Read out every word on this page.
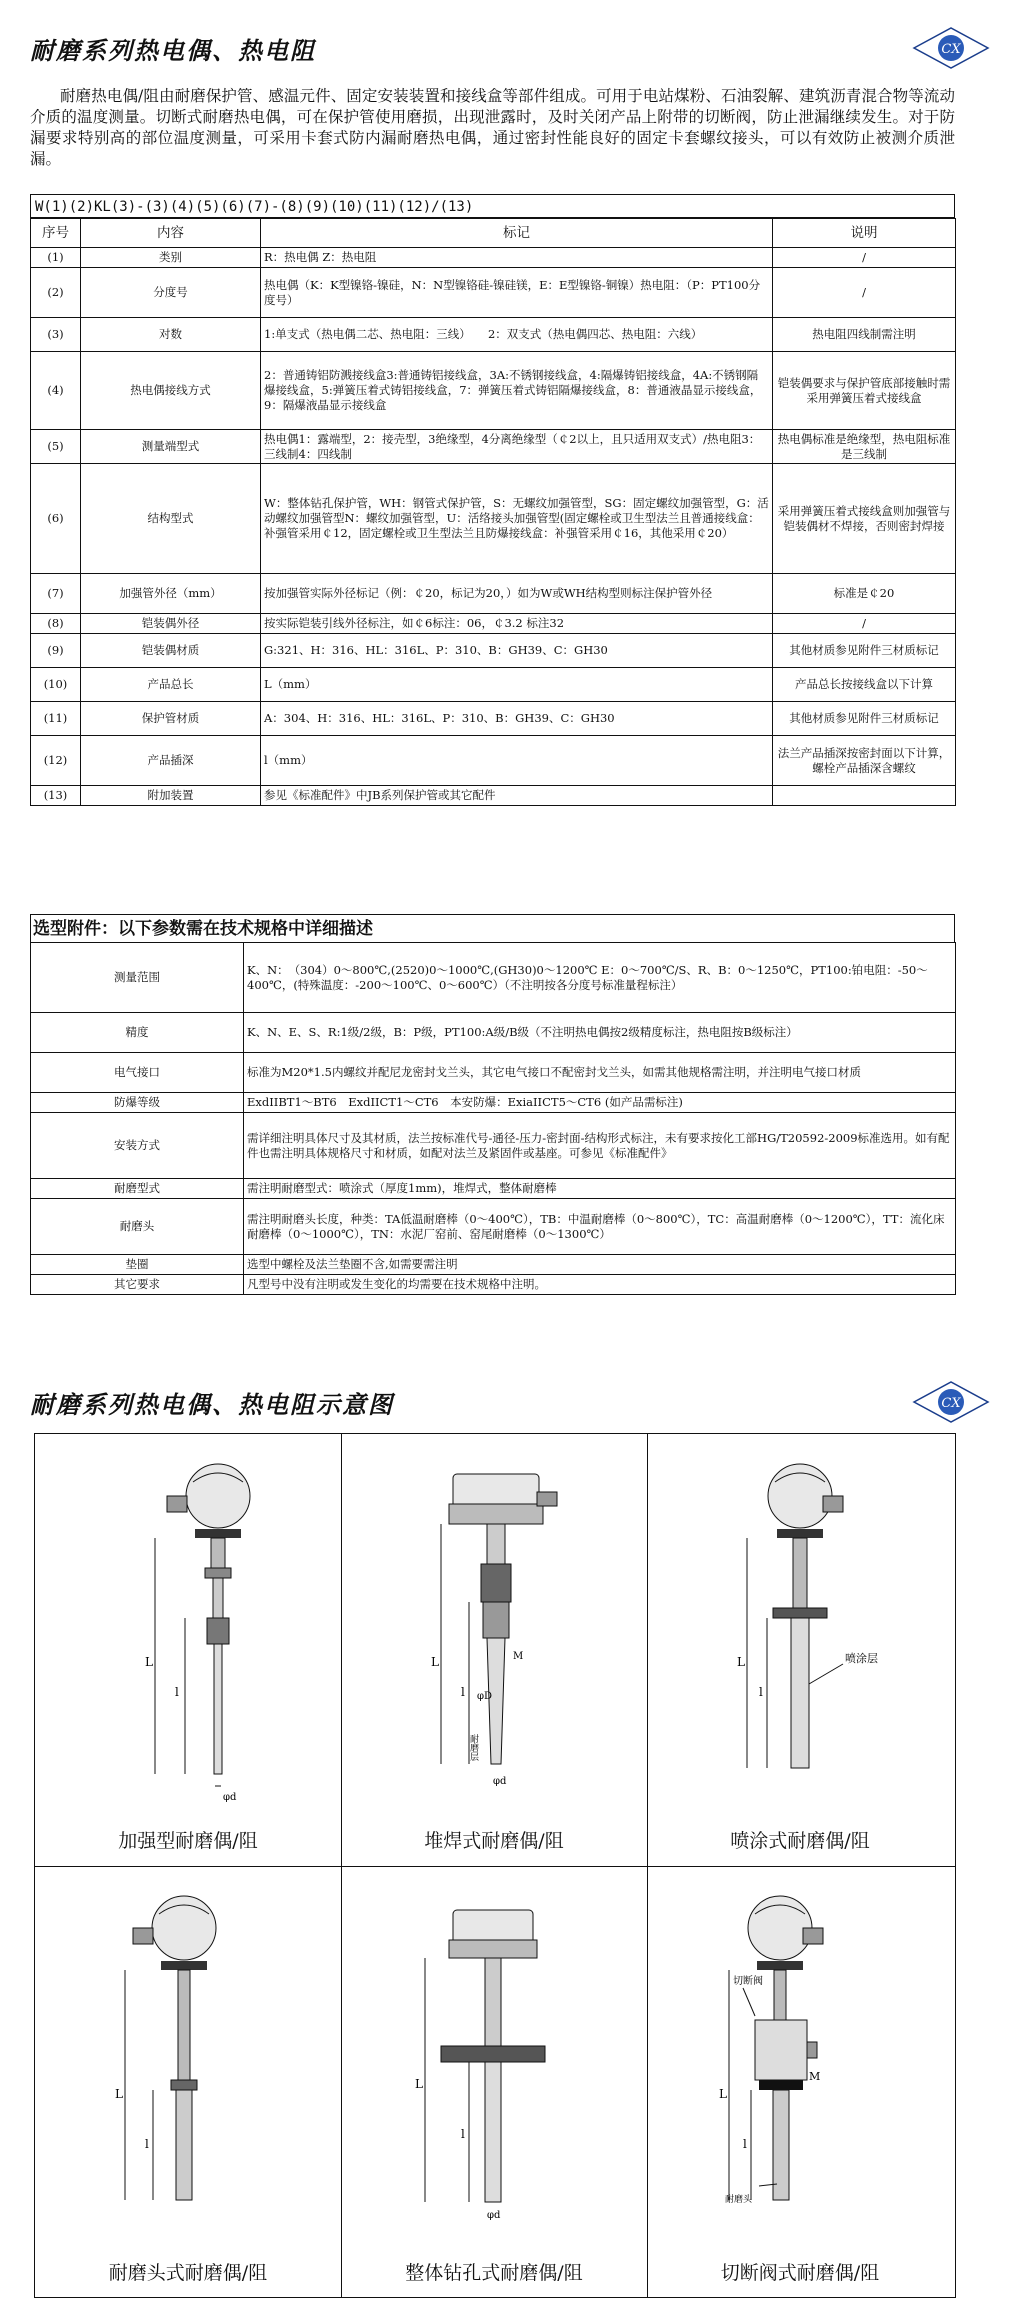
耐磨系列热电偶、热电阻	CX
耐磨热电偶/阻由耐磨保护管、感温元件、固定安装装置和接线盒等部件组成。可用于电站煤粉、石油裂解、建筑沥青混合物等流动介质的温度测量。切断式耐磨热电偶，可在保护管使用磨损，出现泄露时，及时关闭产品上附带的切断阀，防止泄漏继续发生。对于防漏要求特别高的部位温度测量，可采用卡套式防内漏耐磨热电偶，通过密封性能良好的固定卡套螺纹接头，可以有效防止被测介质泄漏。
W(1)(2)KL(3)-(3)(4)(5)(6)(7)-(8)(9)(10)(11)(12)/(13)
序号	内容	标记	说明
(1)	类别	R：热电偶 Z：热电阻	/
(2)	分度号	热电偶（K：K型镍铬-镍硅，N：N型镍铬硅-镍硅镁，E：E型镍铬-铜镍）热电阻：（P：PT100分度号）	/
(3)	对数	1:单支式（热电偶二芯、热电阻：三线）　　2：双支式（热电偶四芯、热电阻：六线）	热电阻四线制需注明
(4)	热电偶接线方式	2：普通铸铝防溅接线盒3:普通铸铝接线盒，3A:不锈钢接线盒，4:隔爆铸铝接线盒，4A:不锈钢隔爆接线盒，5:弹簧压着式铸铝接线盒，7：弹簧压着式铸铝隔爆接线盒，8：普通液晶显示接线盒，9：隔爆液晶显示接线盒	铠装偶要求与保护管底部接触时需采用弹簧压着式接线盒
(5)	测量端型式	热电偶1：露端型，2：接壳型，3绝缘型，4分离绝缘型（￠2以上，且只适用双支式）/热电阻3：三线制4：四线制	热电偶标准是绝缘型，热电阻标准是三线制
(6)	结构型式	W：整体钻孔保护管，WH：钢管式保护管，S：无螺纹加强管型，SG：固定螺纹加强管型，G：活动螺纹加强管型N：螺纹加强管型，U：活络接头加强管型(固定螺栓或卫生型法兰且普通接线盒：补强管采用￠12，固定螺栓或卫生型法兰且防爆接线盒：补强管采用￠16，其他采用￠20）	采用弹簧压着式接线盒则加强管与铠装偶材不焊接，否则密封焊接
(7)	加强管外径（mm）	按加强管实际外径标记（例：￠20，标记为20，）如为W或WH结构型则标注保护管外径	标准是￠20
(8)	铠装偶外径	按实际铠装引线外径标注，如￠6标注：06，￠3.2 标注32	/
(9)	铠装偶材质	G:321、H：316、HL：316L、P：310、B：GH39、C：GH30	其他材质参见附件三材质标记
(10)	产品总长	L（mm）	产品总长按接线盒以下计算
(11)	保护管材质	A：304、H：316、HL：316L、P：310、B：GH39、C：GH30	其他材质参见附件三材质标记
(12)	产品插深	l（mm）	法兰产品插深按密封面以下计算，螺栓产品插深含螺纹
(13)	附加装置	参见《标准配件》中JB系列保护管或其它配件	
选型附件：以下参数需在技术规格中详细描述
测量范围	K、N：　（304）0～800℃,(2520)0～1000℃,(GH30)0～1200℃ E：0～700℃/S、R、B：0～1250℃，PT100:铂电阻：-50～400℃，(特殊温度：-200～100℃、0～600℃）（不注明按各分度号标准量程标注）
精度	K、N、E、S、R:1级/2级，B：P级，PT100:A级/B级（不注明热电偶按2级精度标注，热电阻按B级标注）
电气接口	标准为M20*1.5内螺纹并配尼龙密封戈兰头，其它电气接口不配密封戈兰头，如需其他规格需注明，并注明电气接口材质
防爆等级	ExdIIBT1～BT6　ExdIICT1～CT6　本安防爆：ExiaIICT5～CT6 (如产品需标注)
安装方式	需详细注明具体尺寸及其材质，法兰按标准代号-通径-压力-密封面-结构形式标注，未有要求按化工部HG/T20592-2009标准选用。如有配件也需注明具体规格尺寸和材质，如配对法兰及紧固件或基座。可参见《标准配件》
耐磨型式	需注明耐磨型式：喷涂式（厚度1mm)，堆焊式，整体耐磨棒
耐磨头	需注明耐磨头长度，种类：TA低温耐磨棒（0～400℃），TB：中温耐磨棒（0～800℃），TC：高温耐磨棒（0～1200℃），TT：流化床耐磨棒（0～1000℃），TN：水泥厂窑前、窑尾耐磨棒（0～1300℃）
垫圈	选型中螺栓及法兰垫圈不含,如需要需注明
其它要求	凡型号中没有注明或发生变化的均需要在技术规格中注明。
耐磨系列热电偶、热电阻示意图	CX
L
l
φd
加强型耐磨偶/阻
L
l
M
φD
耐磨层
φd
堆焊式耐磨偶/阻
L
l
喷涂层
喷涂式耐磨偶/阻
L
l
耐磨头式耐磨偶/阻
L
l
φd
整体钻孔式耐磨偶/阻
切断阀
L
l
耐磨头
M
切断阀式耐磨偶/阻
